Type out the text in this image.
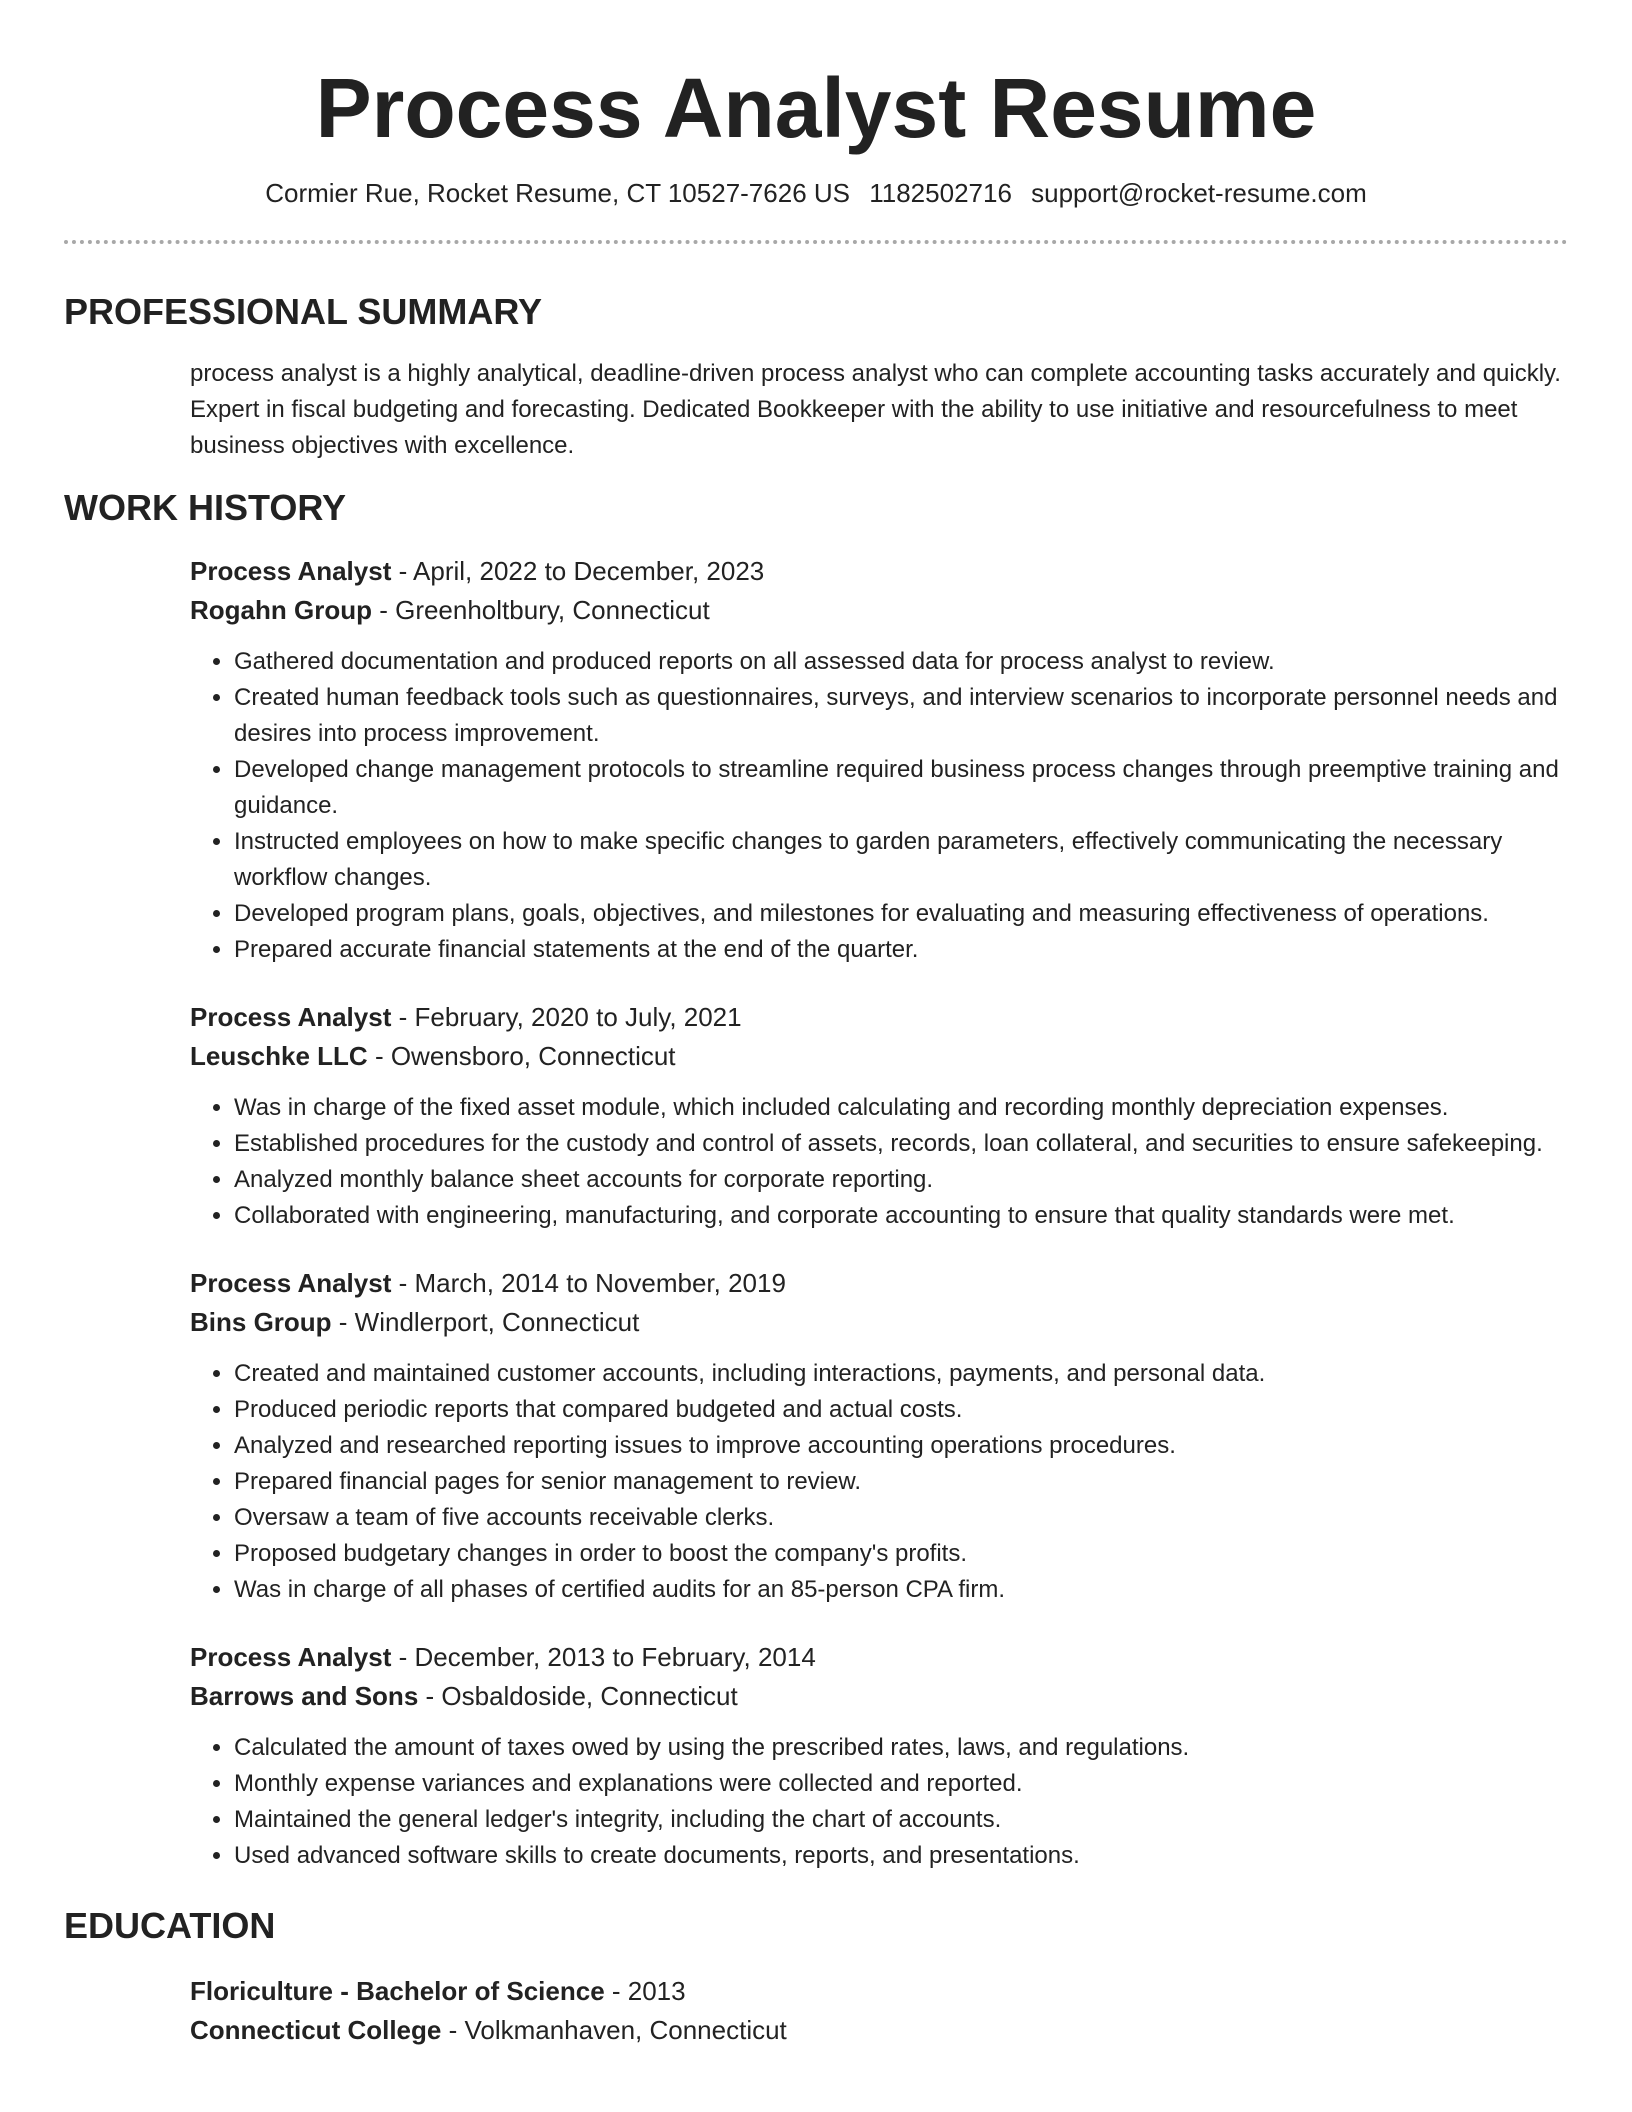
Process Analyst Resume
Cormier Rue, Rocket Resume, CT 10527-7626 US 1182502716 support@rocket-resume.com
PROFESSIONAL SUMMARY
process analyst is a highly analytical, deadline-driven process analyst who can complete accounting tasks accurately and quickly. Expert in fiscal budgeting and forecasting. Dedicated Bookkeeper with the ability to use initiative and resourcefulness to meet business objectives with excellence.
WORK HISTORY
Process Analyst - April, 2022 to December, 2023
Rogahn Group - Greenholtbury, Connecticut
• Gathered documentation and produced reports on all assessed data for process analyst to review.
• Created human feedback tools such as questionnaires, surveys, and interview scenarios to incorporate personnel needs and desires into process improvement.
• Developed change management protocols to streamline required business process changes through preemptive training and guidance.
• Instructed employees on how to make specific changes to garden parameters, effectively communicating the necessary workflow changes.
• Developed program plans, goals, objectives, and milestones for evaluating and measuring effectiveness of operations.
• Prepared accurate financial statements at the end of the quarter.
Process Analyst - February, 2020 to July, 2021
Leuschke LLC - Owensboro, Connecticut
• Was in charge of the fixed asset module, which included calculating and recording monthly depreciation expenses.
• Established procedures for the custody and control of assets, records, loan collateral, and securities to ensure safekeeping.
• Analyzed monthly balance sheet accounts for corporate reporting.
• Collaborated with engineering, manufacturing, and corporate accounting to ensure that quality standards were met.
Process Analyst - March, 2014 to November, 2019
Bins Group - Windlerport, Connecticut
• Created and maintained customer accounts, including interactions, payments, and personal data.
• Produced periodic reports that compared budgeted and actual costs.
• Analyzed and researched reporting issues to improve accounting operations procedures.
• Prepared financial pages for senior management to review.
• Oversaw a team of five accounts receivable clerks.
• Proposed budgetary changes in order to boost the company's profits.
• Was in charge of all phases of certified audits for an 85-person CPA firm.
Process Analyst - December, 2013 to February, 2014
Barrows and Sons - Osbaldoside, Connecticut
• Calculated the amount of taxes owed by using the prescribed rates, laws, and regulations.
• Monthly expense variances and explanations were collected and reported.
• Maintained the general ledger's integrity, including the chart of accounts.
• Used advanced software skills to create documents, reports, and presentations.
EDUCATION
Floriculture - Bachelor of Science - 2013
Connecticut College - Volkmanhaven, Connecticut
